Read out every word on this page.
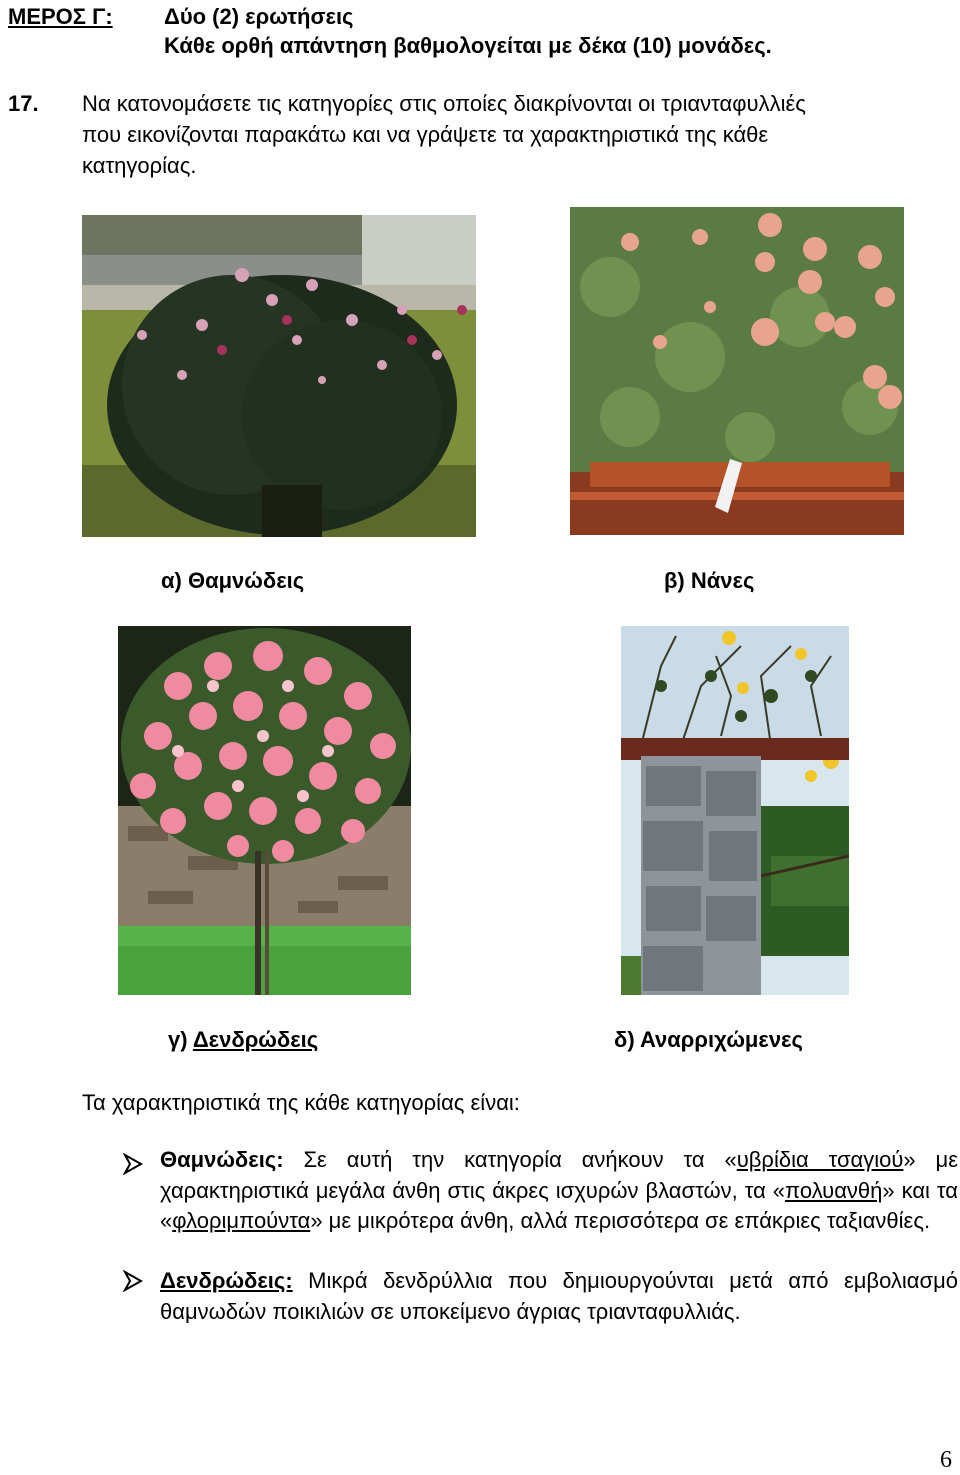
ΜΕΡΟΣ Γ: Δύο (2) ερωτήσεις
Κάθε ορθή απάντηση βαθμολογείται με δέκα (10) μονάδες.
17. Να κατονομάσετε τις κατηγορίες στις οποίες διακρίνονται οι τριανταφυλλιές
που εικονίζονται παρακάτω και να γράψετε τα χαρακτηριστικά της κάθε
κατηγορίας.
α) Θαμνώδεις	β) Νάνες
γ) Δενδρώδεις	δ) Αναρριχώμενες
Τα χαρακτηριστικά της κάθε κατηγορίας είναι:
Θαμνώδεις: Σε αυτή την κατηγορία ανήκουν τα «υβρίδια τσαγιού» με χαρακτηριστικά μεγάλα άνθη στις άκρες ισχυρών βλαστών, τα «πολυανθή» και τα «φλοριμπούντα» με μικρότερα άνθη, αλλά περισσότερα σε επάκριες ταξιανθίες.
Δενδρώδεις: Μικρά δενδρύλλια που δημιουργούνται μετά από εμβολιασμό θαμνωδών ποικιλιών σε υποκείμενο άγριας τριανταφυλλιάς.
6
